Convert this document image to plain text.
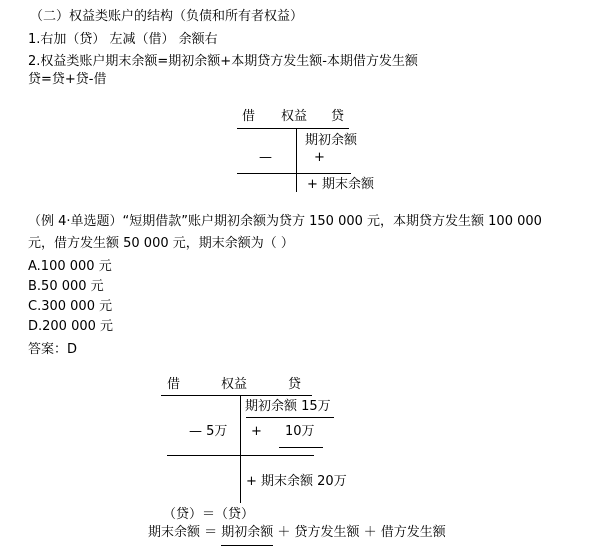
（二）权益类账户的结构（负债和所有者权益）
1.右加（贷） 左减（借） 余额右
2.权益类账户期末余额=期初余额+本期贷方发生额-本期借方发生额
贷=贷+贷-借
借 权益 贷
期初余额
—	+
+ 期末余额
（例 4·单选题）“短期借款”账户期初余额为贷方 150 000 元，本期贷方发生额 100 000
元，借方发生额 50 000 元，期末余额为（ ）
A.100 000 元
B.50 000 元
C.300 000 元
D.200 000 元
答案：D
借	权益	贷
期初余额 15万
— 5万 + 10万
+ 期末余额 20万
（贷）＝（贷）
期末余额 ＝ 期初余额 ＋ 贷方发生额 ＋ 借方发生额
